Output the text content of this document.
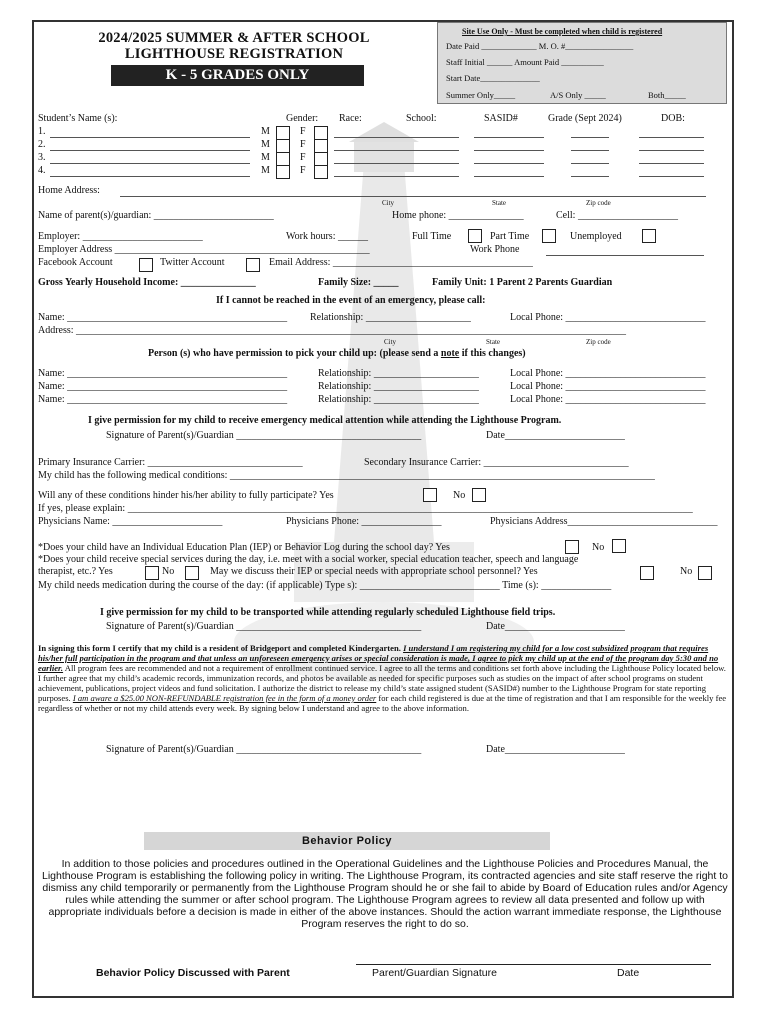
2024/2025 SUMMER & AFTER SCHOOL
LIGHTHOUSE REGISTRATION
K - 5 GRADES ONLY
Site Use Only - Must be completed when child is registered
Date Paid _____________ M. O. #________________
Staff Initial ______ Amount Paid __________
Start Date______________
Summer Only_____	A/S Only _____	Both_____
Student’s Name (s):	Gender: Race:	School:	SASID#	Grade (Sept 2024)	DOB:
1.	M	F
2.	M	F
3.	M	F
4.	M	F
Home Address:
City	State	Zip code
Name of parent(s)/guardian: ________________________	Home phone: _______________	Cell: ____________________
Employer: ________________________	Work hours: ______	Full Time	Part Time	Unemployed
Employer Address ___________________________________________________	Work Phone
Facebook Account	Twitter Account	Email Address: ________________________________________
Gross Yearly Household Income: _______________	Family Size: _____	Family Unit: 1 Parent 2 Parents Guardian
If I cannot be reached in the event of an emergency, please call:
Name: ____________________________________________ Relationship: _____________________	Local Phone: ____________________________
Address: ______________________________________________________________________________________________________________
City	State	Zip code
Person (s) who have permission to pick your child up: (please send a note if this changes)
Name: ____________________________________________	Relationship: _____________________	Local Phone: ____________________________
Name: ____________________________________________	Relationship: _____________________	Local Phone: ____________________________
Name: ____________________________________________	Relationship: _____________________	Local Phone: ____________________________
I give permission for my child to receive emergency medical attention while attending the Lighthouse Program.
Signature of Parent(s)/Guardian _____________________________________	Date________________________
Primary Insurance Carrier: _______________________________	Secondary Insurance Carrier: _____________________________
My child has the following medical conditions: _____________________________________________________________________________________
Will any of these conditions hinder his/her ability to fully participate? Yes	No
If yes, please explain: _________________________________________________________________________________________________________________
Physicians Name: ______________________	Physicians Phone: ________________	Physicians Address______________________________
*Does your child have an Individual Education Plan (IEP) or Behavior Log during the school day? Yes	No
*Does your child receive special services during the day, i.e. meet with a social worker, special education teacher, speech and language
therapist, etc.? Yes	No	May we discuss their IEP or special needs with appropriate school personnel? Yes	No
My child needs medication during the course of the day: (if applicable) Type s): ____________________________ Time (s): ______________
I give permission for my child to be transported while attending regularly scheduled Lighthouse field trips.
Signature of Parent(s)/Guardian _____________________________________	Date________________________
In signing this form I certify that my child is a resident of Bridgeport and completed Kindergarten. I understand I am registering my child for a low cost subsidized program that requires his/her full participation in the program and that unless an unforeseen emergency arises or special consideration is made, I agree to pick my child up at the end of the program day 5:30 and no earlier. All program fees are recommended and not a requirement of enrollment continued service. I agree to all the terms and conditions set forth above including the Lighthouse Policy located below. I further agree that my child’s academic records, immunization records, and photos be available as needed for specific purposes such as studies on the impact of after school programs on student achievement, publications, project videos and fund solicitation. I authorize the district to release my child’s state assigned student (SASID#) number to the Lighthouse Program for state reporting purposes. I am aware a $25.00 NON-REFUNDABLE registration fee in the form of a money order for each child registered is due at the time of registration and that I am responsible for the weekly fee regardless of whether or not my child attends every week. By signing below I understand and agree to the above information.
Signature of Parent(s)/Guardian _____________________________________	Date________________________
Behavior Policy
In addition to those policies and procedures outlined in the Operational Guidelines and the Lighthouse Policies and Procedures Manual, the Lighthouse Program is establishing the following policy in writing. The Lighthouse Program, its contracted agencies and site staff reserve the right to dismiss any child temporarily or permanently from the Lighthouse Program should he or she fail to abide by Board of Education rules and/or Agency rules while attending the summer or after school program. The Lighthouse Program agrees to review all data presented and follow up with appropriate individuals before a decision is made in either of the above instances. Should the action warrant immediate response, the Lighthouse Program reserves the right to do so.
Behavior Policy Discussed with Parent	Parent/Guardian Signature	Date
